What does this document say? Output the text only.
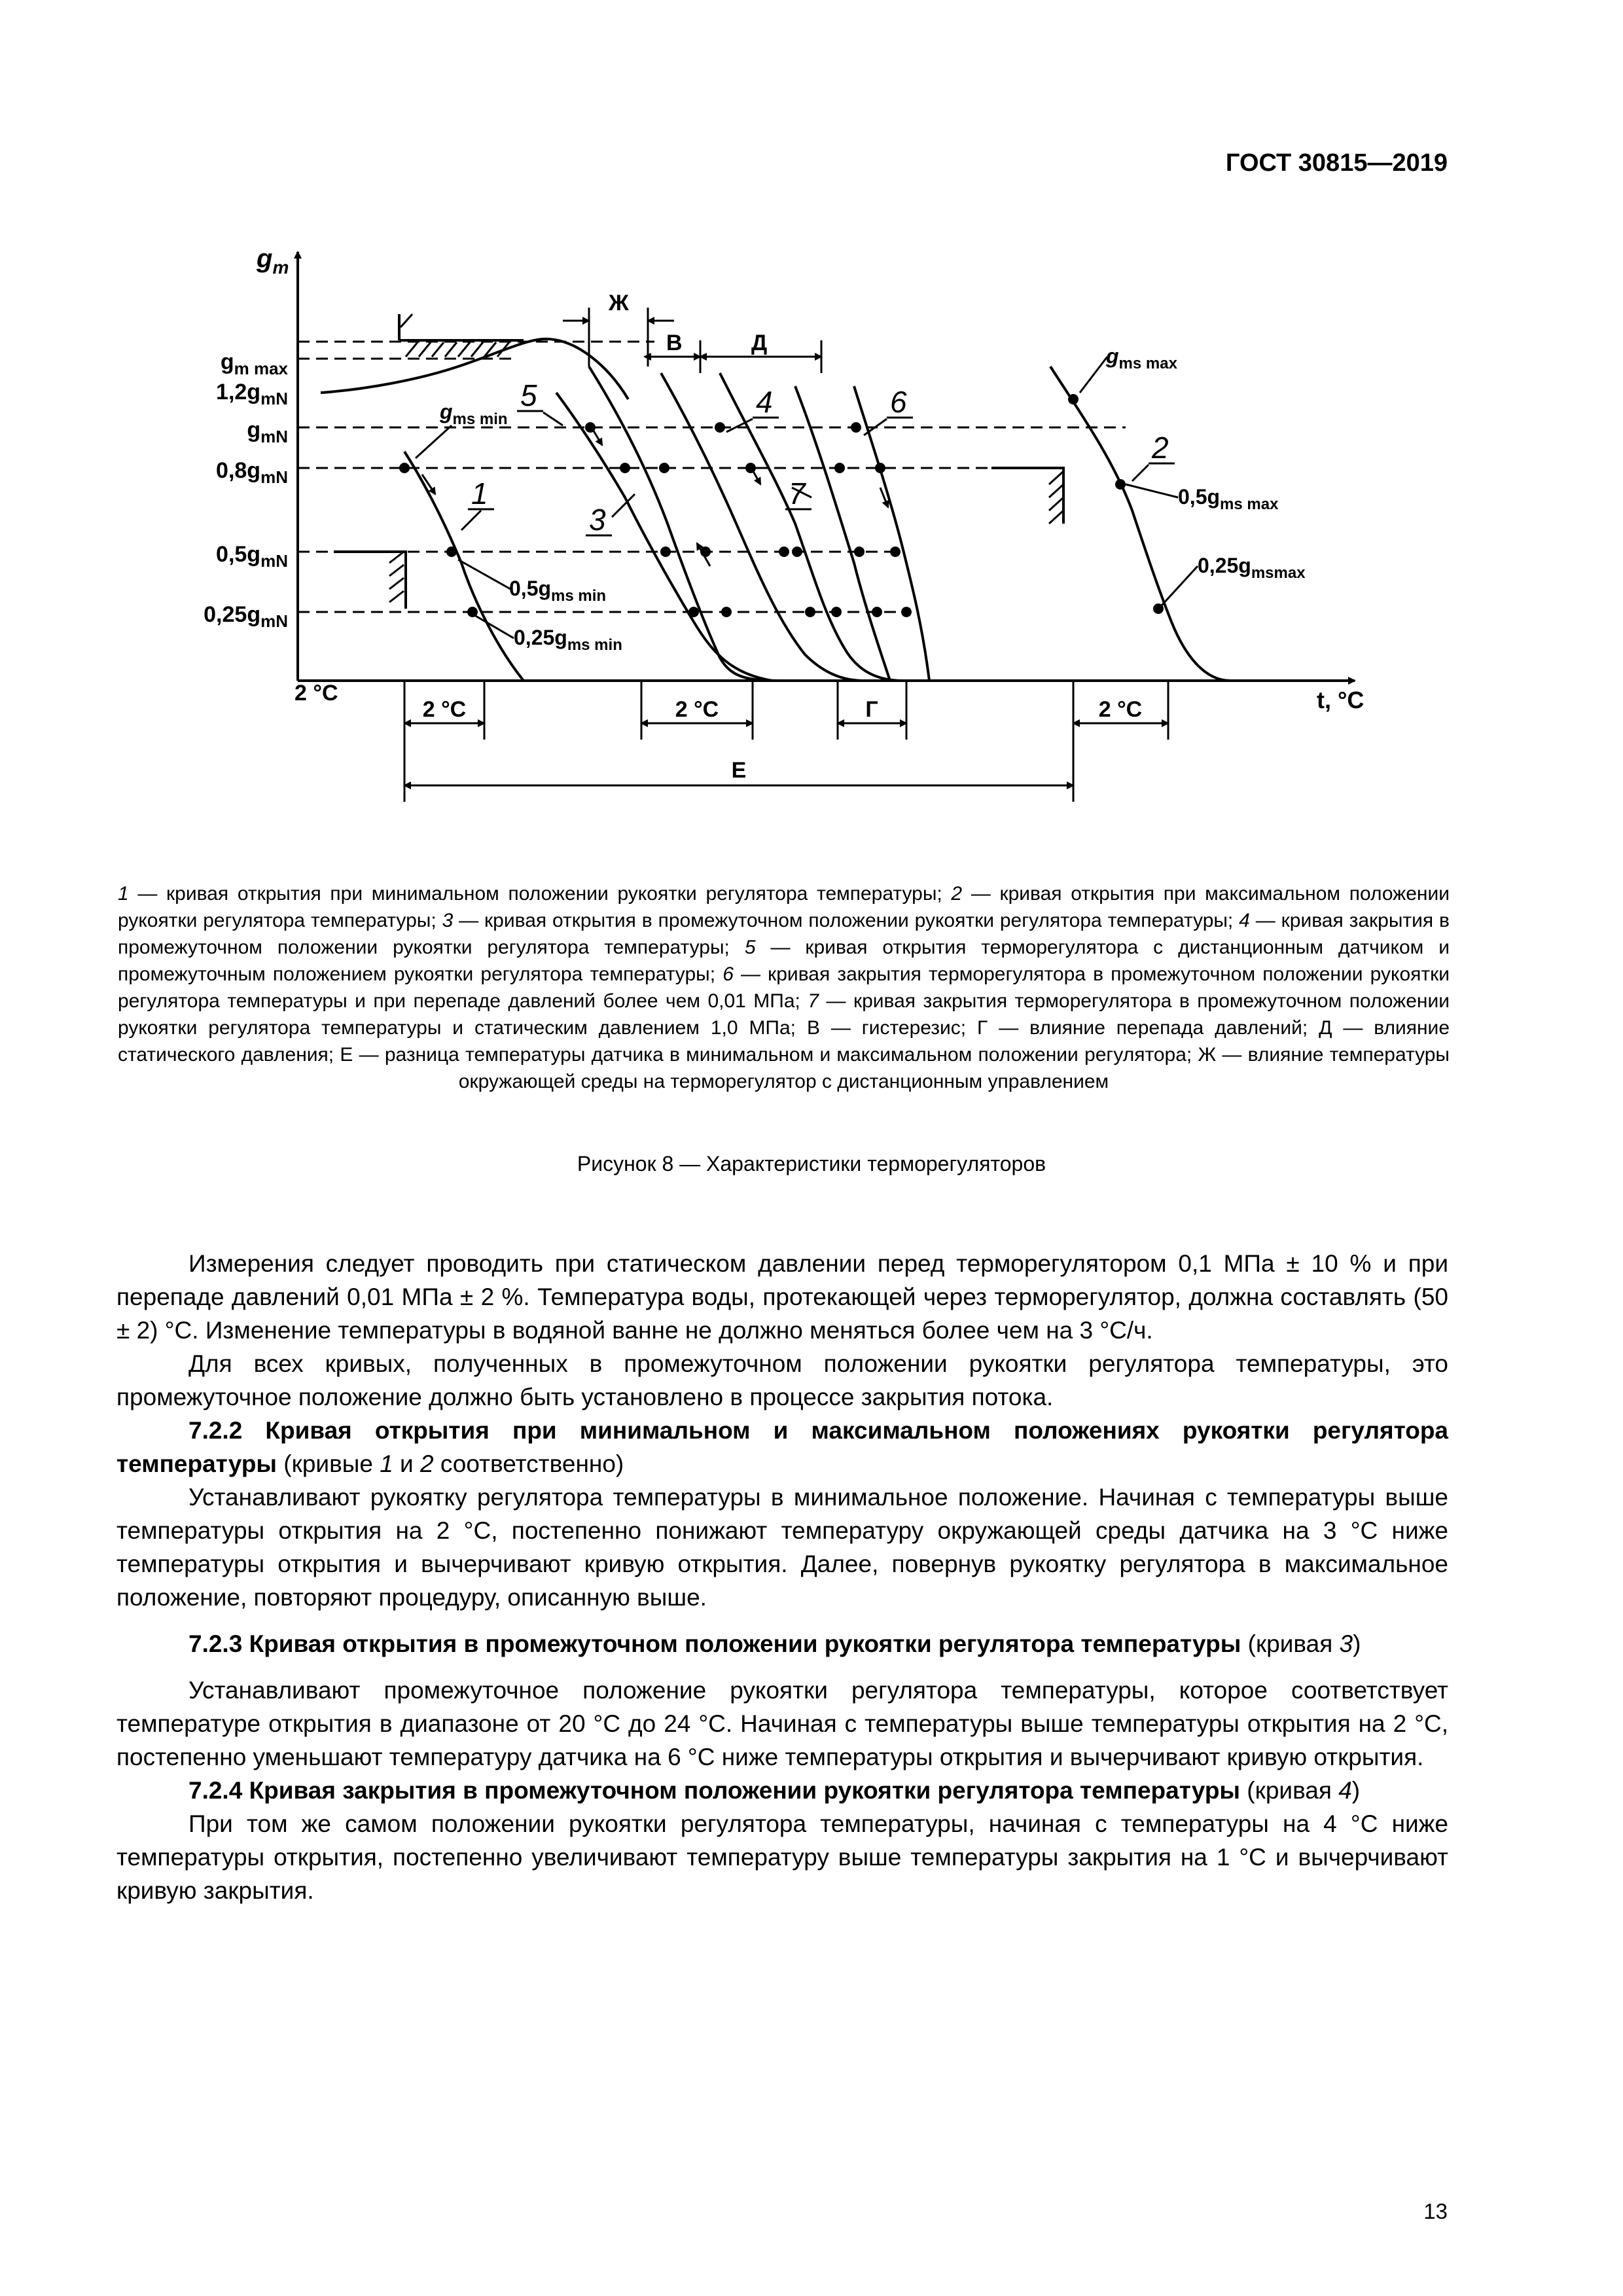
ГОСТ 30815—2019
$g_m$
t, °C
2 °C
$g_{m max}$
$1,2g_{mN}$
$g_{mN}$
$0,8g_{mN}$
$0,5g_{mN}$
$0,25g_{mN}$
1
2
3
4
5	6
7
$g_{ms min}$
$0,5g_{ms min}$
$0,25g_{ms min}$
$g_{ms max}$
$0,5g_{ms max}$
$0,25g_{msmax}$
Ж
В	Д
2 °C	2 °C	Г	2 °C
Е
1 — кривая открытия при минимальном положении рукоятки регулятора температуры; 2 — кривая открытия при максимальном положении рукоятки регулятора температуры; 3 — кривая открытия в промежуточном положении рукоятки регулятора температуры; 4 — кривая закрытия в промежуточном положении рукоятки регулятора температуры; 5 — кривая открытия терморегулятора с дистанционным датчиком и промежуточным положением рукоятки регулятора температуры; 6 — кривая закрытия терморегулятора в промежуточном положении рукоятки регулятора температуры и при перепаде давлений более чем 0,01 МПа; 7 — кривая закрытия терморегулятора в промежуточном положении рукоятки регулятора температуры и статическим давлением 1,0 МПа; В — гистерезис; Г — влияние перепада давлений; Д — влияние статического давления; Е — разница температуры датчика в минимальном и максимальном положении регулятора; Ж — влияние температуры окружающей среды на терморегулятор с дистанционным управлением
Рисунок 8 — Характеристики терморегуляторов

Измерения следует проводить при статическом давлении перед терморегулятором 0,1 МПа ± 10 % и при перепаде давлений 0,01 МПа ± 2 %. Температура воды, протекающей через терморегулятор, должна составлять (50 ± 2) °С. Изменение температуры в водяной ванне не должно меняться более чем на 3 °С/ч.

Для всех кривых, полученных в промежуточном положении рукоятки регулятора температуры, это промежуточное положение должно быть установлено в процессе закрытия потока.

7.2.2 Кривая открытия при минимальном и максимальном положениях рукоятки регулятора температуры (кривые 1 и 2 соответственно)

Устанавливают рукоятку регулятора температуры в минимальное положение. Начиная с температуры выше температуры открытия на 2 °С, постепенно понижают температуру окружающей среды датчика на 3 °С ниже температуры открытия и вычерчивают кривую открытия. Далее, повернув рукоятку регулятора в максимальное положение, повторяют процедуру, описанную выше.

7.2.3 Кривая открытия в промежуточном положении рукоятки регулятора температуры (кривая 3)

Устанавливают промежуточное положение рукоятки регулятора температуры, которое соответствует температуре открытия в диапазоне от 20 °С до 24 °С. Начиная с температуры выше температуры открытия на 2 °С, постепенно уменьшают температуру датчика на 6 °С ниже температуры открытия и вычерчивают кривую открытия.

7.2.4 Кривая закрытия в промежуточном положении рукоятки регулятора температуры (кривая 4)

При том же самом положении рукоятки регулятора температуры, начиная с температуры на 4 °С ниже температуры открытия, постепенно увеличивают температуру выше температуры закрытия на 1 °С и вычерчивают кривую закрытия.

13
